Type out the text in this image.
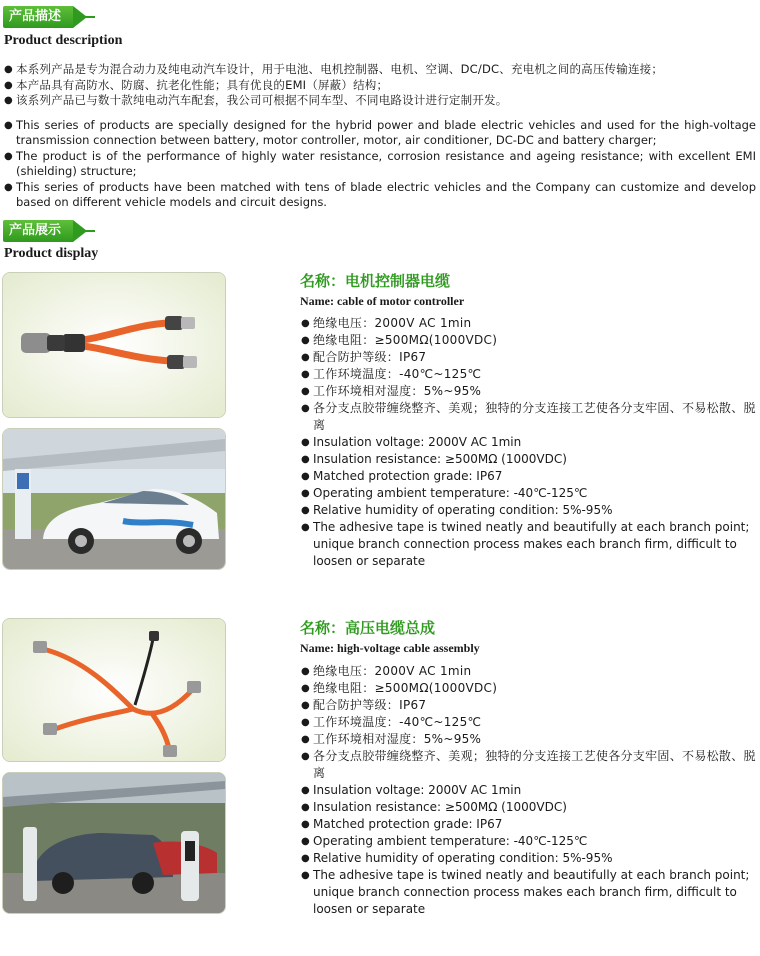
产品描述
Product description
● 本系列产品是专为混合动力及纯电动汽车设计，用于电池、电机控制器、电机、空调、DC/DC、充电机之间的高压传输连接；
● 本产品具有高防水、防腐、抗老化性能；具有优良的EMI（屏蔽）结构；
● 该系列产品已与数十款纯电动汽车配套，我公司可根据不同车型、不同电路设计进行定制开发。
● This series of products are specially designed for the hybrid power and blade electric vehicles and used for the high-voltage transmission connection between battery, motor controller, motor, air conditioner, DC-DC and battery charger;
● The product is of the performance of highly water resistance, corrosion resistance and ageing resistance; with excellent EMI (shielding) structure;
● This series of products have been matched with tens of blade electric vehicles and the Company can customize and develop based on different vehicle models and circuit designs.
产品展示
Product display
名称：电机控制器电缆
Name: cable of motor controller
● 绝缘电压：2000V AC 1min
● 绝缘电阻：≥500MΩ(1000VDC)
● 配合防护等级：IP67
● 工作环境温度：-40℃~125℃
● 工作环境相对湿度：5%~95%
● 各分支点胶带缠绕整齐、美观；独特的分支连接工艺使各分支牢固、不易松散、脱离
● Insulation voltage: 2000V AC 1min
● Insulation resistance: ≥500MΩ (1000VDC)
● Matched protection grade: IP67
● Operating ambient temperature: -40℃-125℃
● Relative humidity of operating condition: 5%-95%
● The adhesive tape is twined neatly and beautifully at each branch point; unique branch connection process makes each branch firm, difficult to loosen or separate
名称：高压电缆总成
Name: high-voltage cable assembly
● 绝缘电压：2000V AC 1min
● 绝缘电阻：≥500MΩ(1000VDC)
● 配合防护等级：IP67
● 工作环境温度：-40℃~125℃
● 工作环境相对湿度：5%~95%
● 各分支点胶带缠绕整齐、美观；独特的分支连接工艺使各分支牢固、不易松散、脱离
● Insulation voltage: 2000V AC 1min
● Insulation resistance: ≥500MΩ (1000VDC)
● Matched protection grade: IP67
● Operating ambient temperature: -40℃-125℃
● Relative humidity of operating condition: 5%-95%
● The adhesive tape is twined neatly and beautifully at each branch point; unique branch connection process makes each branch firm, difficult to loosen or separate
